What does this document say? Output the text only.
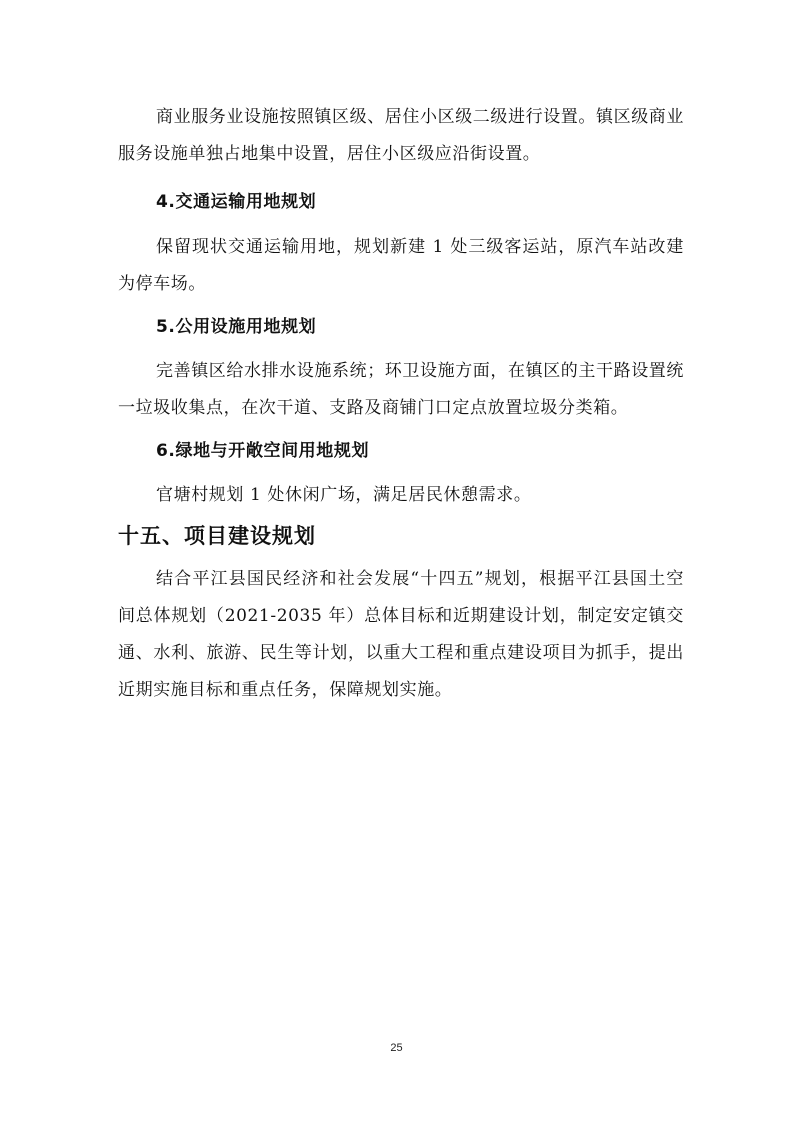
商业服务业设施按照镇区级、居住小区级二级进行设置。镇区级商业服务设施单独占地集中设置，居住小区级应沿街设置。

4.交通运输用地规划

保留现状交通运输用地，规划新建 1 处三级客运站，原汽车站改建为停车场。

5.公用设施用地规划

完善镇区给水排水设施系统；环卫设施方面，在镇区的主干路设置统一垃圾收集点，在次干道、支路及商铺门口定点放置垃圾分类箱。

6.绿地与开敞空间用地规划

官塘村规划 1 处休闲广场，满足居民休憩需求。

十五、项目建设规划

结合平江县国民经济和社会发展“十四五”规划，根据平江县国土空间总体规划（2021-2035 年）总体目标和近期建设计划，制定安定镇交通、水利、旅游、民生等计划，以重大工程和重点建设项目为抓手，提出近期实施目标和重点任务，保障规划实施。

25
